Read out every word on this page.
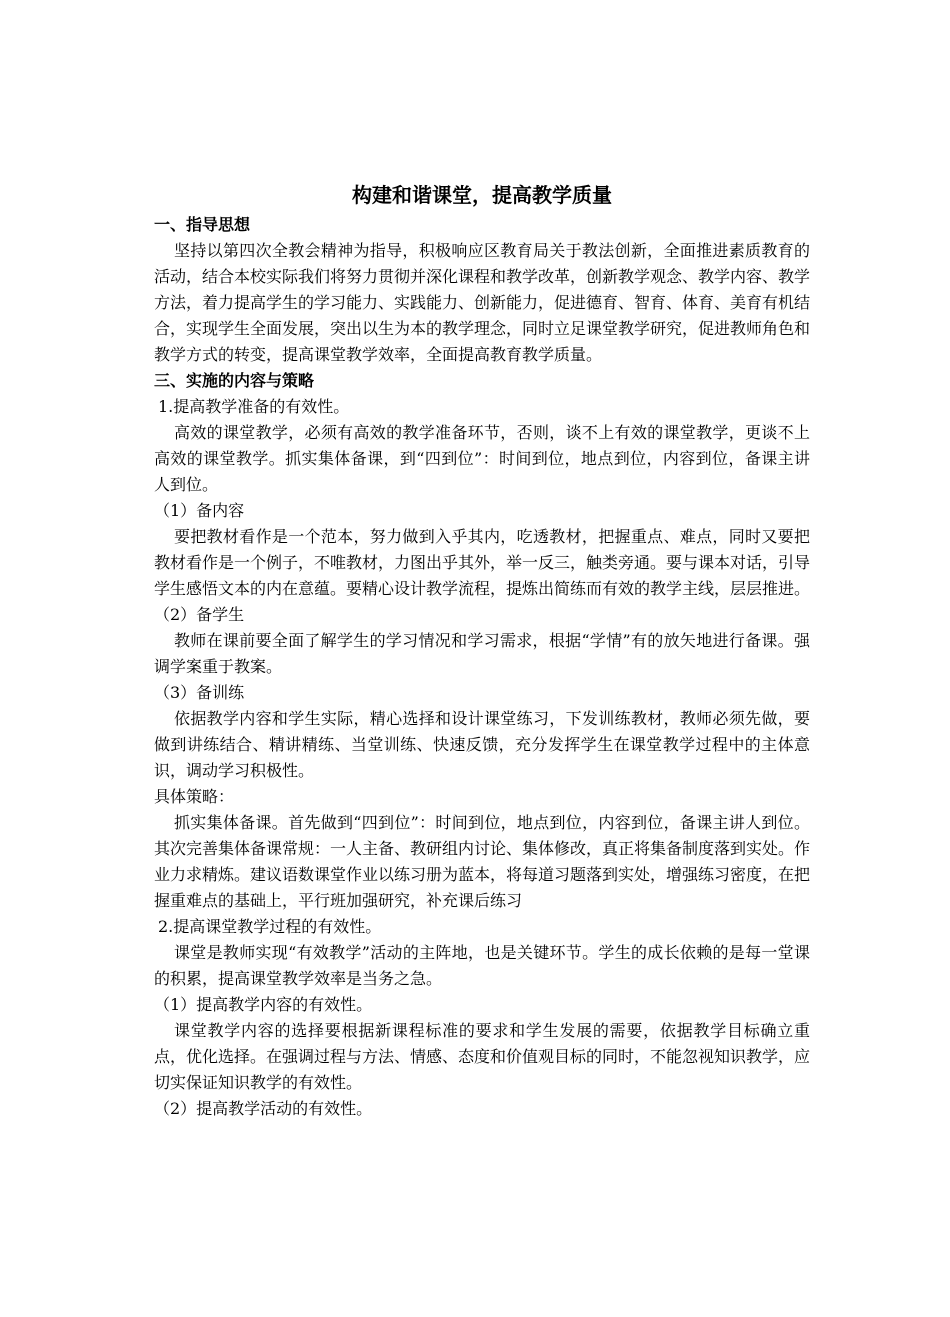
构建和谐课堂，提高教学质量

一、指导思想

坚持以第四次全教会精神为指导，积极响应区教育局关于教法创新，全面推进素质教育的活动，结合本校实际我们将努力贯彻并深化课程和教学改革，创新教学观念、教学内容、教学方法，着力提高学生的学习能力、实践能力、创新能力，促进德育、智育、体育、美育有机结合，实现学生全面发展，突出以生为本的教学理念，同时立足课堂教学研究，促进教师角色和教学方式的转变，提高课堂教学效率，全面提高教育教学质量。

三、实施的内容与策略

1.提高教学准备的有效性。

高效的课堂教学，必须有高效的教学准备环节，否则，谈不上有效的课堂教学，更谈不上高效的课堂教学。抓实集体备课，到“四到位”：时间到位，地点到位，内容到位，备课主讲人到位。

（1）备内容

要把教材看作是一个范本，努力做到入乎其内，吃透教材，把握重点、难点，同时又要把教材看作是一个例子，不唯教材，力图出乎其外，举一反三，触类旁通。要与课本对话，引导学生感悟文本的内在意蕴。要精心设计教学流程，提炼出简练而有效的教学主线，层层推进。

（2）备学生

教师在课前要全面了解学生的学习情况和学习需求，根据“学情”有的放矢地进行备课。强调学案重于教案。

（3）备训练

依据教学内容和学生实际，精心选择和设计课堂练习，下发训练教材，教师必须先做，要做到讲练结合、精讲精练、当堂训练、快速反馈，充分发挥学生在课堂教学过程中的主体意识，调动学习积极性。

具体策略：

抓实集体备课。首先做到“四到位”：时间到位，地点到位，内容到位，备课主讲人到位。其次完善集体备课常规：一人主备、教研组内讨论、集体修改，真正将集备制度落到实处。作业力求精炼。建议语数课堂作业以练习册为蓝本，将每道习题落到实处，增强练习密度，在把握重难点的基础上，平行班加强研究，补充课后练习

2.提高课堂教学过程的有效性。

课堂是教师实现“有效教学”活动的主阵地，也是关键环节。学生的成长依赖的是每一堂课的积累，提高课堂教学效率是当务之急。

（1）提高教学内容的有效性。

课堂教学内容的选择要根据新课程标准的要求和学生发展的需要，依据教学目标确立重点，优化选择。在强调过程与方法、情感、态度和价值观目标的同时，不能忽视知识教学，应切实保证知识教学的有效性。

（2）提高教学活动的有效性。
